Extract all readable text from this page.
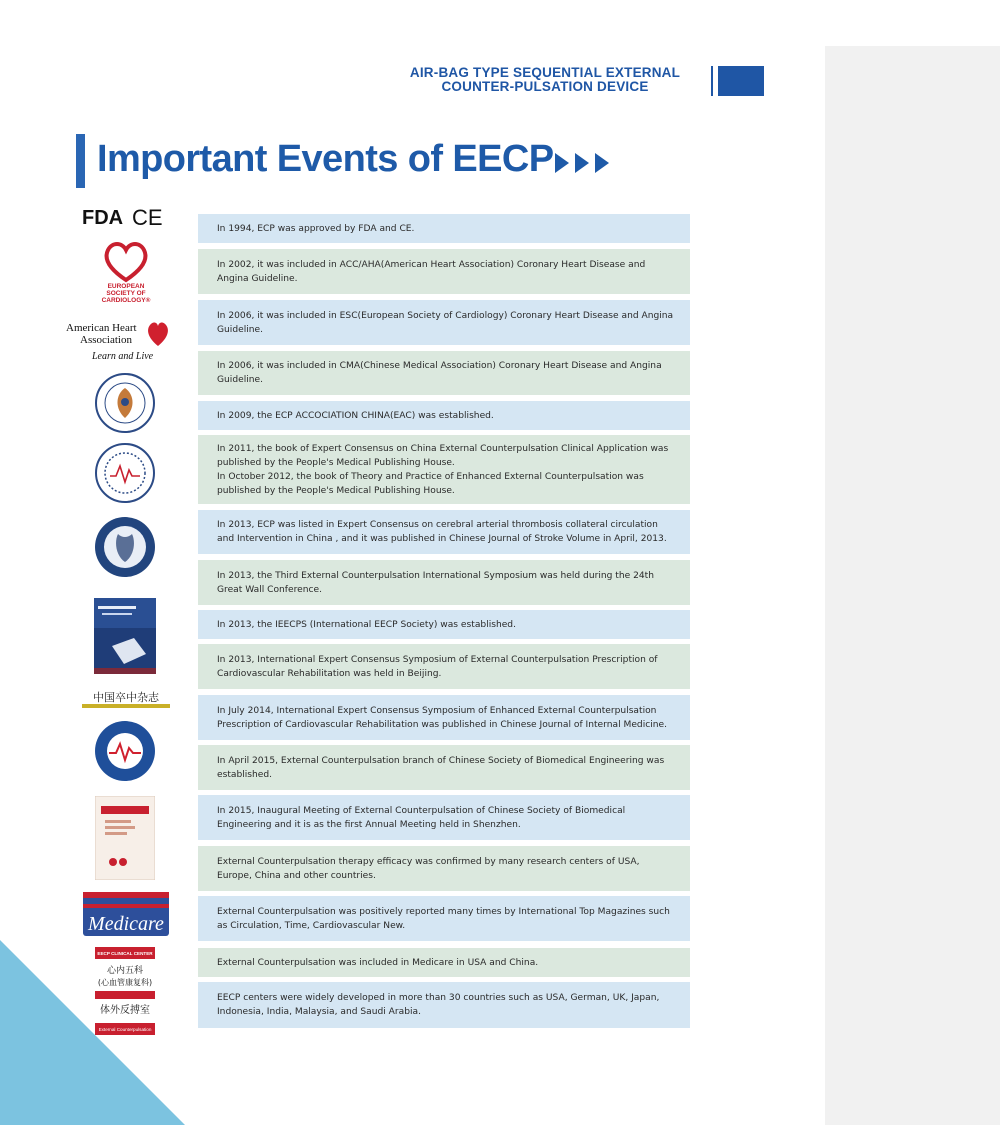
AIR-BAG TYPE SEQUENTIAL EXTERNAL
COUNTER-PULSATION DEVICE
Important Events of EECP
FDA CE
EUROPEAN
SOCIETY OF
CARDIOLOGY®
American Heart
Association
Learn and Live
中国卒中杂志
Medicare
EECP CLINICAL CENTER
心内五科
(心血管康复科)
体外反搏室
External Counterpulsation
In 1994, ECP was approved by FDA and CE.
In 2002, it was included in ACC/AHA(American Heart Association) Coronary Heart Disease and Angina Guideline.
In 2006, it was included in ESC(European Society of Cardiology) Coronary Heart Disease and Angina Guideline.
In 2006, it was included in CMA(Chinese Medical Association) Coronary Heart Disease and Angina Guideline.
In 2009, the ECP ACCOCIATION CHINA(EAC) was established.
In 2011, the book of Expert Consensus on China External Counterpulsation Clinical Application was published by the People's Medical Publishing House.
In October 2012, the book of Theory and Practice of Enhanced External Counterpulsation was published by the People's Medical Publishing House.
In 2013, ECP was listed in Expert Consensus on cerebral arterial thrombosis collateral circulation and Intervention in China , and it was published in Chinese Journal of Stroke Volume in April, 2013.
In 2013, the Third External Counterpulsation International Symposium was held during the 24th Great Wall Conference.
In 2013, the IEECPS (International EECP Society) was established.
In 2013, International Expert Consensus Symposium of External Counterpulsation Prescription of Cardiovascular Rehabilitation was held in Beijing.
In July 2014, International Expert Consensus Symposium of Enhanced External Counterpulsation Prescription of Cardiovascular Rehabilitation was published in Chinese Journal of Internal Medicine.
In April 2015, External Counterpulsation branch of Chinese Society of Biomedical Engineering was established.
In 2015, Inaugural Meeting of External Counterpulsation of Chinese Society of Biomedical Engineering and it is as the first Annual Meeting held in Shenzhen.
External Counterpulsation therapy efficacy was confirmed by many research centers of USA, Europe, China and other countries.
External Counterpulsation was positively reported many times by International Top Magazines such as Circulation, Time, Cardiovascular New.
External Counterpulsation was included in Medicare in USA and China.
EECP centers were widely developed in more than 30 countries such as USA, German, UK, Japan, Indonesia, India, Malaysia, and Saudi Arabia.
